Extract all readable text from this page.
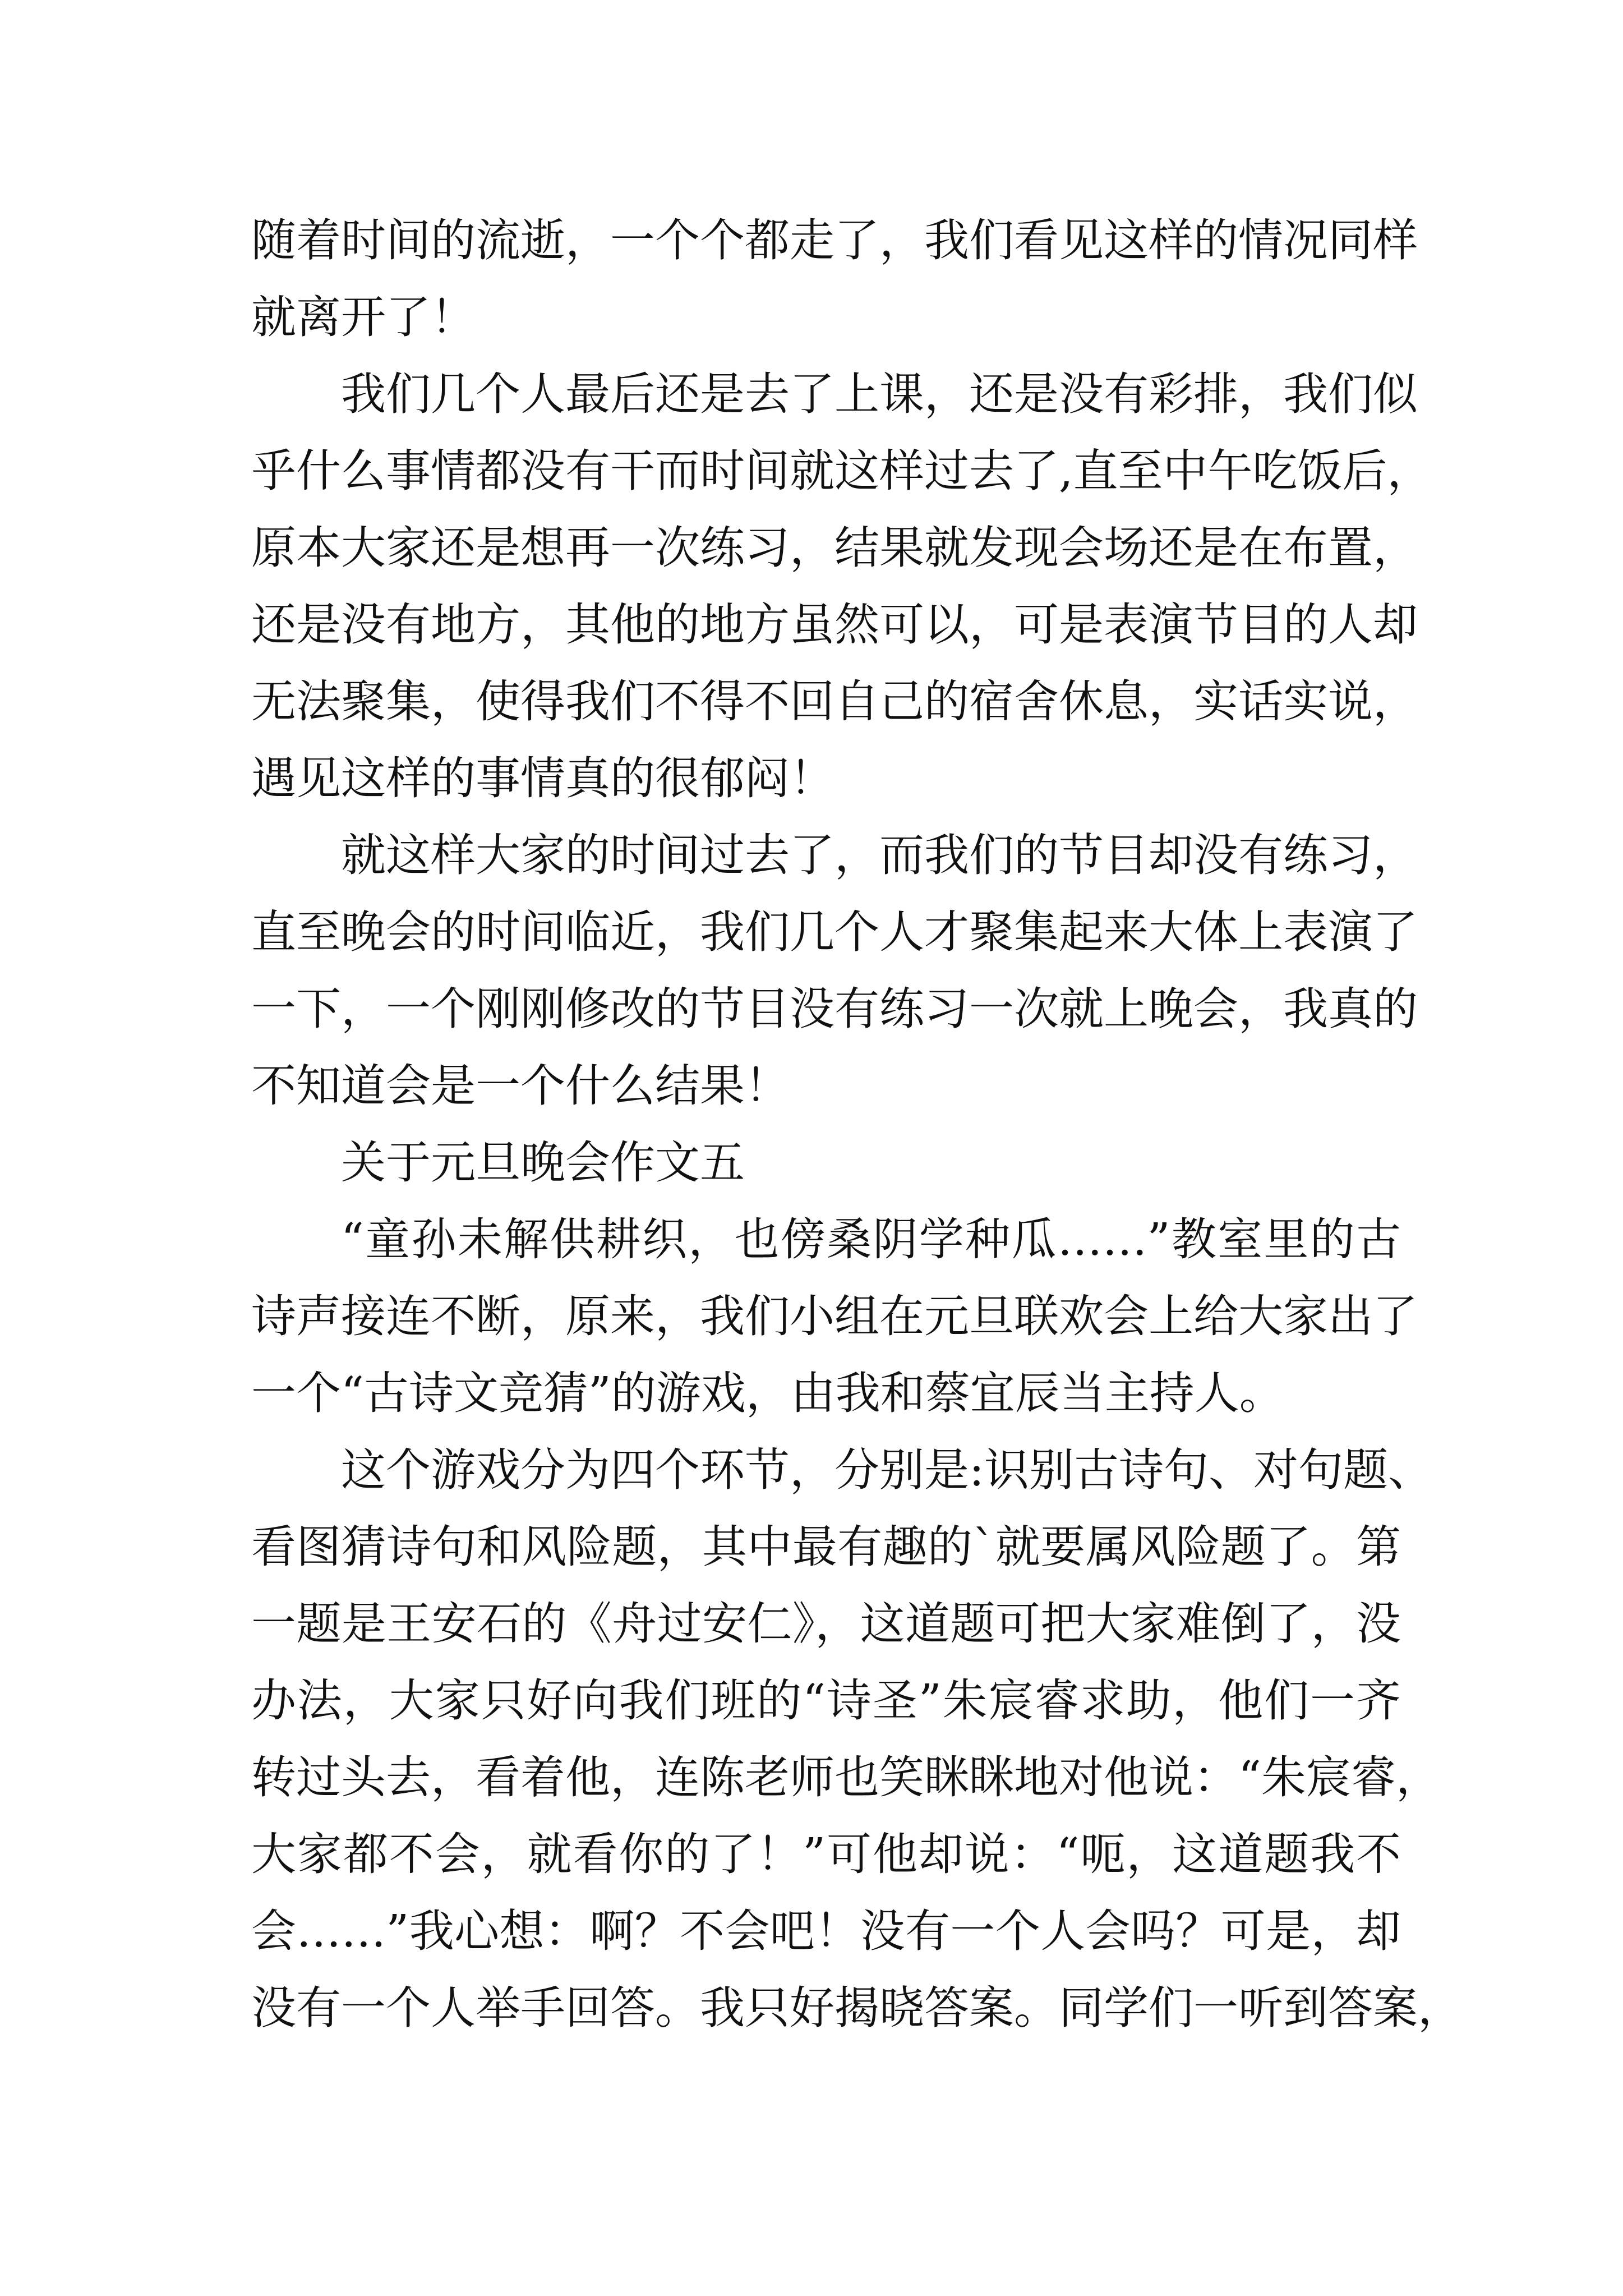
随着时间的流逝，一个个都走了，我们看见这样的情况同样
就离开了！
我们几个人最后还是去了上课，还是没有彩排，我们似
乎什么事情都没有干而时间就这样过去了,直至中午吃饭后，
原本大家还是想再一次练习，结果就发现会场还是在布置，
还是没有地方，其他的地方虽然可以，可是表演节目的人却
无法聚集，使得我们不得不回自己的宿舍休息，实话实说，
遇见这样的事情真的很郁闷！
就这样大家的时间过去了，而我们的节目却没有练习，
直至晚会的时间临近，我们几个人才聚集起来大体上表演了
一下，一个刚刚修改的节目没有练习一次就上晚会，我真的
不知道会是一个什么结果！
关于元旦晚会作文五
“童孙未解供耕织，也傍桑阴学种瓜……”教室里的古
诗声接连不断，原来，我们小组在元旦联欢会上给大家出了
一个“古诗文竞猜”的游戏，由我和蔡宜辰当主持人。
这个游戏分为四个环节，分别是:识别古诗句、对句题、
看图猜诗句和风险题，其中最有趣的`就要属风险题了。第
一题是王安石的《舟过安仁》，这道题可把大家难倒了，没
办法，大家只好向我们班的“诗圣”朱宸睿求助，他们一齐
转过头去，看着他，连陈老师也笑眯眯地对他说：“朱宸睿，
大家都不会，就看你的了！”可他却说：“呃，这道题我不
会……”我心想：啊？不会吧！没有一个人会吗？可是，却
没有一个人举手回答。我只好揭晓答案。同学们一听到答案，
